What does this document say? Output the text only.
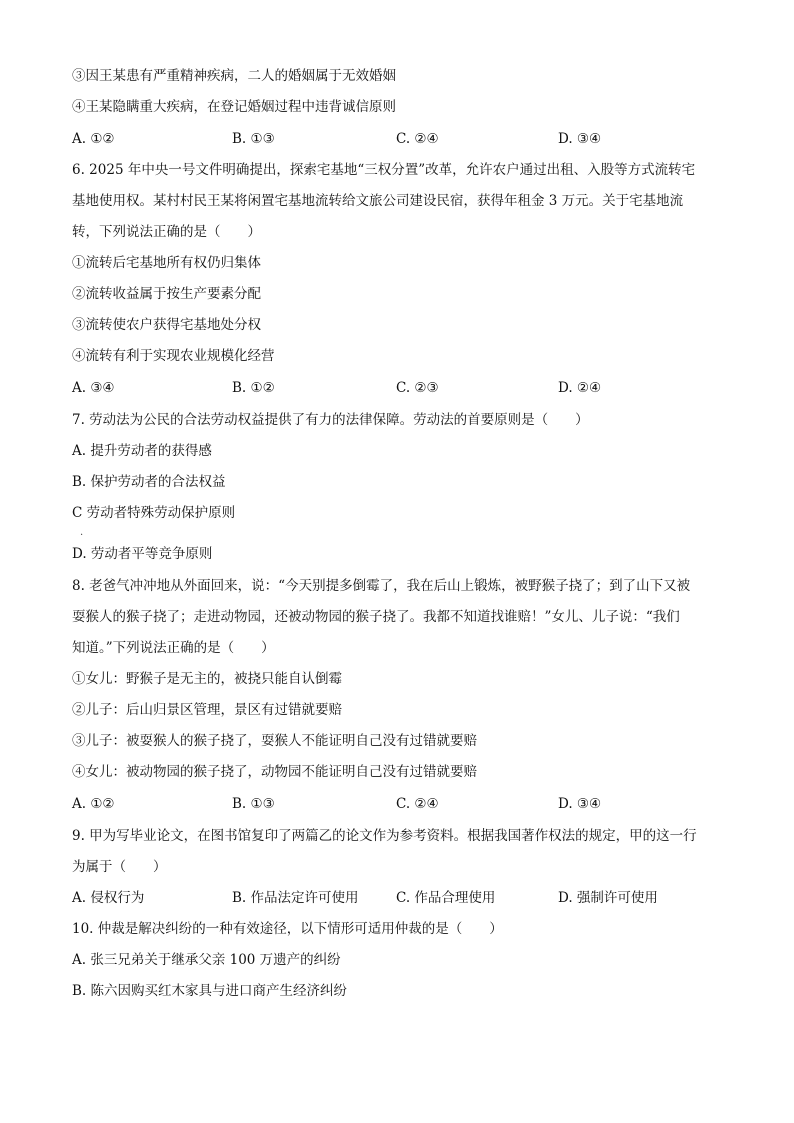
③因王某患有严重精神疾病，二人的婚姻属于无效婚姻
④王某隐瞒重大疾病，在登记婚姻过程中违背诚信原则
A. ①②	B. ①③	C. ②④	D. ③④
6. 2025 年中央一号文件明确提出，探索宅基地“三权分置”改革，允许农户通过出租、入股等方式流转宅
基地使用权。某村村民王某将闲置宅基地流转给文旅公司建设民宿，获得年租金 3 万元。关于宅基地流
转，下列说法正确的是（　　）
①流转后宅基地所有权仍归集体
②流转收益属于按生产要素分配
③流转使农户获得宅基地处分权
④流转有利于实现农业规模化经营
A. ③④	B. ①②	C. ②③	D. ②④
7. 劳动法为公民的合法劳动权益提供了有力的法律保障。劳动法的首要原则是（　　）
A. 提升劳动者的获得感
B. 保护劳动者的合法权益
C 劳动者特殊劳动保护原则
.
D. 劳动者平等竞争原则
8. 老爸气冲冲地从外面回来，说：“今天别提多倒霉了，我在后山上锻炼，被野猴子挠了；到了山下又被
耍猴人的猴子挠了；走进动物园，还被动物园的猴子挠了。我都不知道找谁赔！”女儿、儿子说：“我们
知道。”下列说法正确的是（　　）
①女儿：野猴子是无主的，被挠只能自认倒霉
②儿子：后山归景区管理，景区有过错就要赔
③儿子：被耍猴人的猴子挠了，耍猴人不能证明自己没有过错就要赔
④女儿：被动物园的猴子挠了，动物园不能证明自己没有过错就要赔
A. ①②	B. ①③	C. ②④	D. ③④
9. 甲为写毕业论文，在图书馆复印了两篇乙的论文作为参考资料。根据我国著作权法的规定，甲的这一行
为属于（　　）
A. 侵权行为	B. 作品法定许可使用	C. 作品合理使用	D. 强制许可使用
10. 仲裁是解决纠纷的一种有效途径，以下情形可适用仲裁的是（　　）
A. 张三兄弟关于继承父亲 100 万遗产的纠纷
B. 陈六因购买红木家具与进口商产生经济纠纷
